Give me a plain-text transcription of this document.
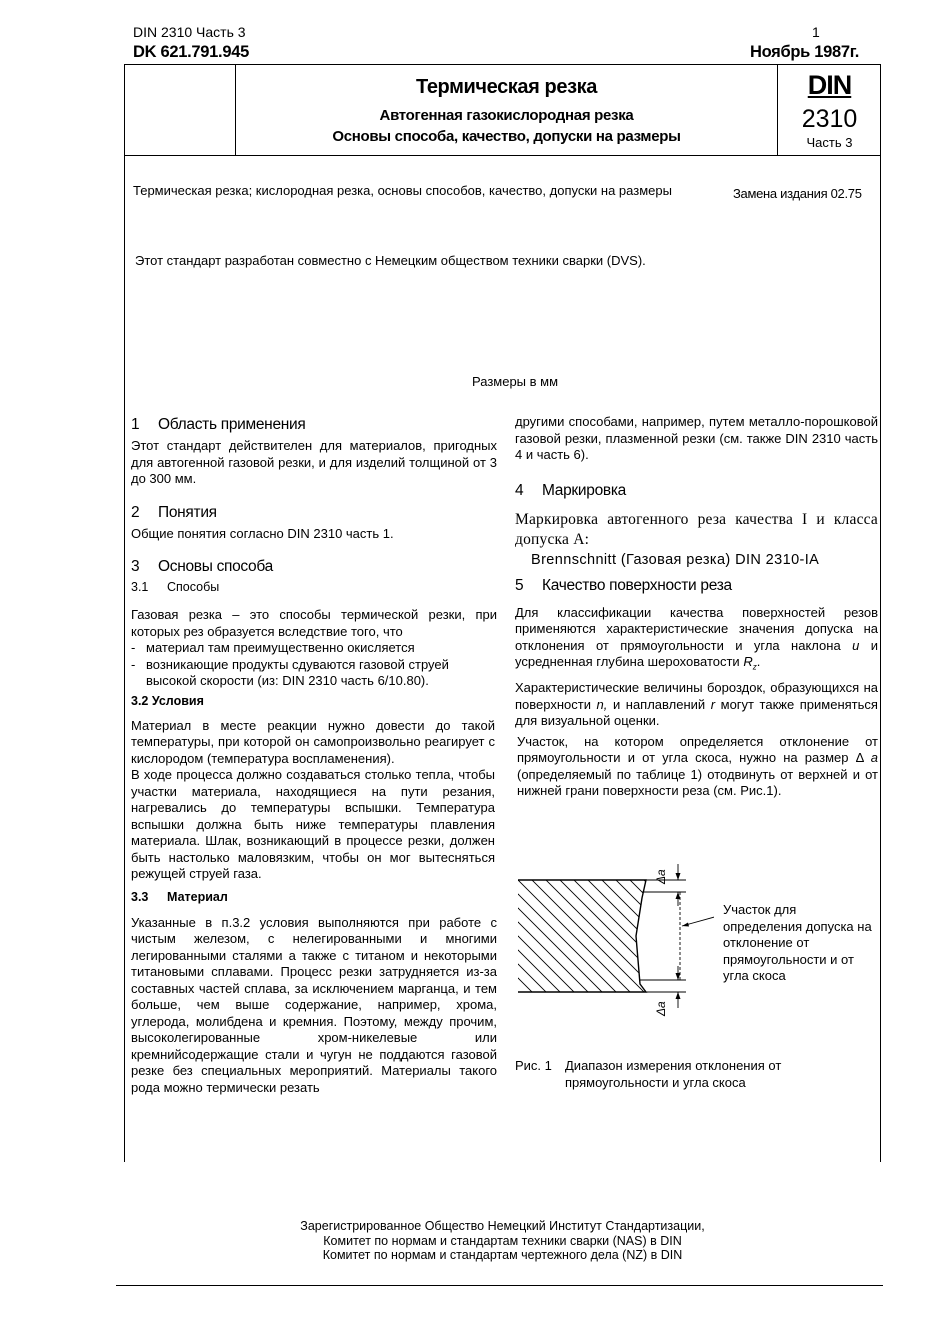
DIN 2310 Часть 3	1
DK 621.791.945	Ноябрь 1987г.
Термическая резка
Автогенная газокислородная резка
Основы способа, качество, допуски на размеры
DIN
2310
Часть 3
Термическая резка; кислородная резка, основы способов, качество, допуски на размеры	Замена издания 02.75
Этот стандарт разработан совместно с Немецким обществом техники сварки (DVS).
Размеры в мм
1 Область применения
Этот стандарт действителен для материалов, пригодных для автогенной газовой резки, и для изделий толщиной от 3 до 300 мм.
2 Понятия
Общие понятия согласно DIN 2310 часть 1.
3 Основы способа
3.1 Способы
Газовая резка – это способы термической резки, при которых рез образуется вследствие того, что
- материал там преимущественно окисляется
- возникающие продукты сдуваются газовой струей высокой скорости (из: DIN 2310 часть 6/10.80).
3.2 Условия
Материал в месте реакции нужно довести до такой температуры, при которой он самопроизвольно реагирует с кислородом (температура воспламенения).
В ходе процесса должно создаваться столько тепла, чтобы участки материала, находящиеся на пути резания, нагревались до температуры вспышки. Температура вспышки должна быть ниже температуры плавления материала. Шлак, возникающий в процессе резки, должен быть настолько маловязким, чтобы он мог вытесняться режущей струей газа.
3.3 Материал
Указанные в п.3.2 условия выполняются при работе с чистым железом, с нелегированными и многими легированными сталями а также с титаном и некоторыми титановыми сплавами. Процесс резки затрудняется из-за составных частей сплава, за исключением марганца, и тем больше, чем выше содержание, например, хрома, углерода, молибдена и кремния. Поэтому, между прочим, высоколегированные хром-никелевые или кремнийсодержащие стали и чугун не поддаются газовой резке без специальных мероприятий. Материалы такого рода можно термически резать
другими способами, например, путем металло-порошковой газовой резки, плазменной резки (см. также DIN 2310 часть 4 и часть 6).
4 Маркировка
Маркировка автогенного реза качества I и класса допуска А:
Brennschnitt (Газовая резка) DIN 2310-IA
5 Качество поверхности реза
Для классификации качества поверхностей резов применяются характеристические значения допуска на отклонения от прямоугольности и угла наклона u и усредненная глубина шероховатости $R_z$.
Характеристические величины бороздок, образующихся на поверхности n, и наплавлений r могут также применяться для визуальной оценки.
Участок, на котором определяется отклонение от прямоугольности и от угла скоса, нужно на размер Δ a (определяемый по таблице 1) отодвинуть от верхней и от нижней грани поверхности реза (см. Рис.1).
Δa
Δa
Участок для определения допуска на отклонение от прямоугольности и от угла скоса
Рис. 1	Диапазон измерения отклонения от прямоугольности и угла скоса
Зарегистрированное Общество Немецкий Институт Стандартизации,
Комитет по нормам и стандартам техники сварки (NAS) в DIN
Комитет по нормам и стандартам чертежного дела (NZ) в DIN
